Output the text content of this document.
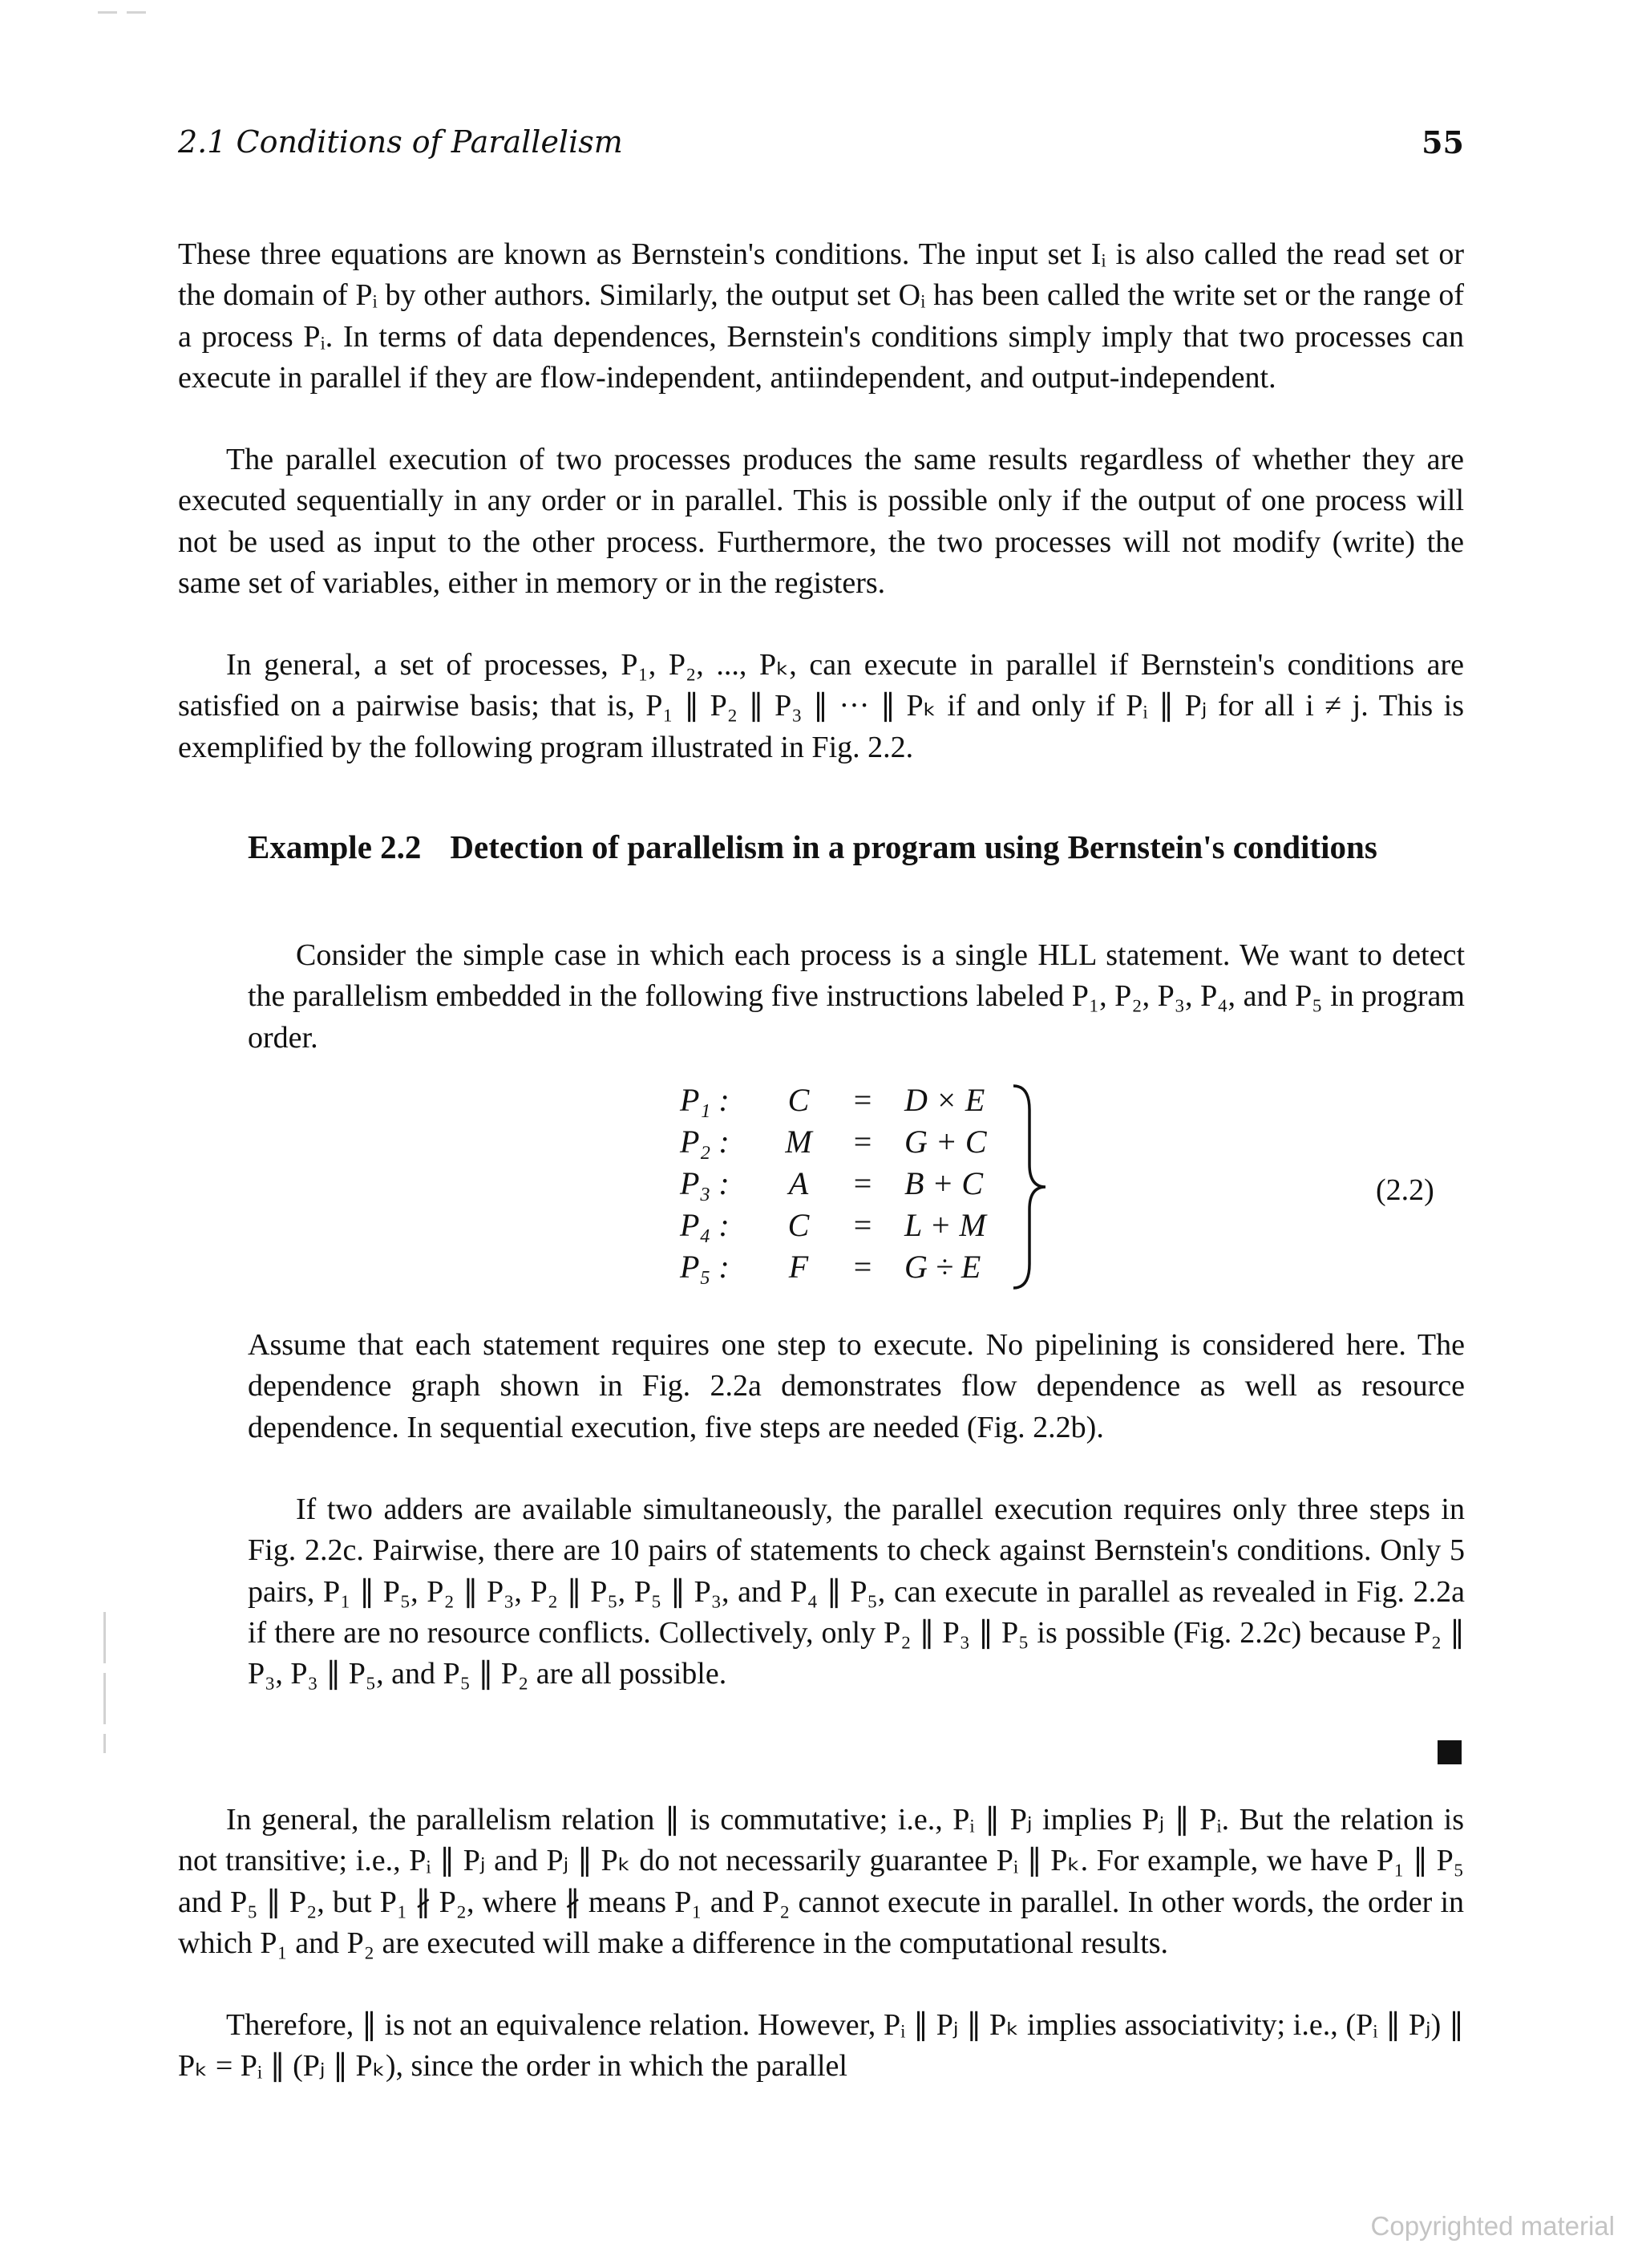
2.1 Conditions of Parallelism	55

These three equations are known as Bernstein's conditions. The input set Iᵢ is also called the read set or the domain of Pᵢ by other authors. Similarly, the output set Oᵢ has been called the write set or the range of a process Pᵢ. In terms of data dependences, Bernstein's conditions simply imply that two processes can execute in parallel if they are flow-independent, antiindependent, and output-independent.

The parallel execution of two processes produces the same results regardless of whether they are executed sequentially in any order or in parallel. This is possible only if the output of one process will not be used as input to the other process. Furthermore, the two processes will not modify (write) the same set of variables, either in memory or in the registers.

In general, a set of processes, P₁, P₂, ..., Pₖ, can execute in parallel if Bernstein's conditions are satisfied on a pairwise basis; that is, P₁ ∥ P₂ ∥ P₃ ∥ ··· ∥ Pₖ if and only if Pᵢ ∥ Pⱼ for all i ≠ j. This is exemplified by the following program illustrated in Fig. 2.2.

Example 2.2 Detection of parallelism in a program using Bernstein's conditions

Consider the simple case in which each process is a single HLL statement. We want to detect the parallelism embedded in the following five instructions labeled P₁, P₂, P₃, P₄, and P₅ in program order.

P₁ :	C	=	D × E
P₂ :	M	=	G + C
P₃ :	A	=	B + C
P₄ :	C	=	L + M
P₅ :	F	=	G ÷ E
(2.2)

Assume that each statement requires one step to execute. No pipelining is considered here. The dependence graph shown in Fig. 2.2a demonstrates flow dependence as well as resource dependence. In sequential execution, five steps are needed (Fig. 2.2b).

If two adders are available simultaneously, the parallel execution requires only three steps in Fig. 2.2c. Pairwise, there are 10 pairs of statements to check against Bernstein's conditions. Only 5 pairs, P₁ ∥ P₅, P₂ ∥ P₃, P₂ ∥ P₅, P₅ ∥ P₃, and P₄ ∥ P₅, can execute in parallel as revealed in Fig. 2.2a if there are no resource conflicts. Collectively, only P₂ ∥ P₃ ∥ P₅ is possible (Fig. 2.2c) because P₂ ∥ P₃, P₃ ∥ P₅, and P₅ ∥ P₂ are all possible.

In general, the parallelism relation ∥ is commutative; i.e., Pᵢ ∥ Pⱼ implies Pⱼ ∥ Pᵢ. But the relation is not transitive; i.e., Pᵢ ∥ Pⱼ and Pⱼ ∥ Pₖ do not necessarily guarantee Pᵢ ∥ Pₖ. For example, we have P₁ ∥ P₅ and P₅ ∥ P₂, but P₁ ∦ P₂, where ∦ means P₁ and P₂ cannot execute in parallel. In other words, the order in which P₁ and P₂ are executed will make a difference in the computational results.

Therefore, ∥ is not an equivalence relation. However, Pᵢ ∥ Pⱼ ∥ Pₖ implies associativity; i.e., (Pᵢ ∥ Pⱼ) ∥ Pₖ = Pᵢ ∥ (Pⱼ ∥ Pₖ), since the order in which the parallel

Copyrighted material
